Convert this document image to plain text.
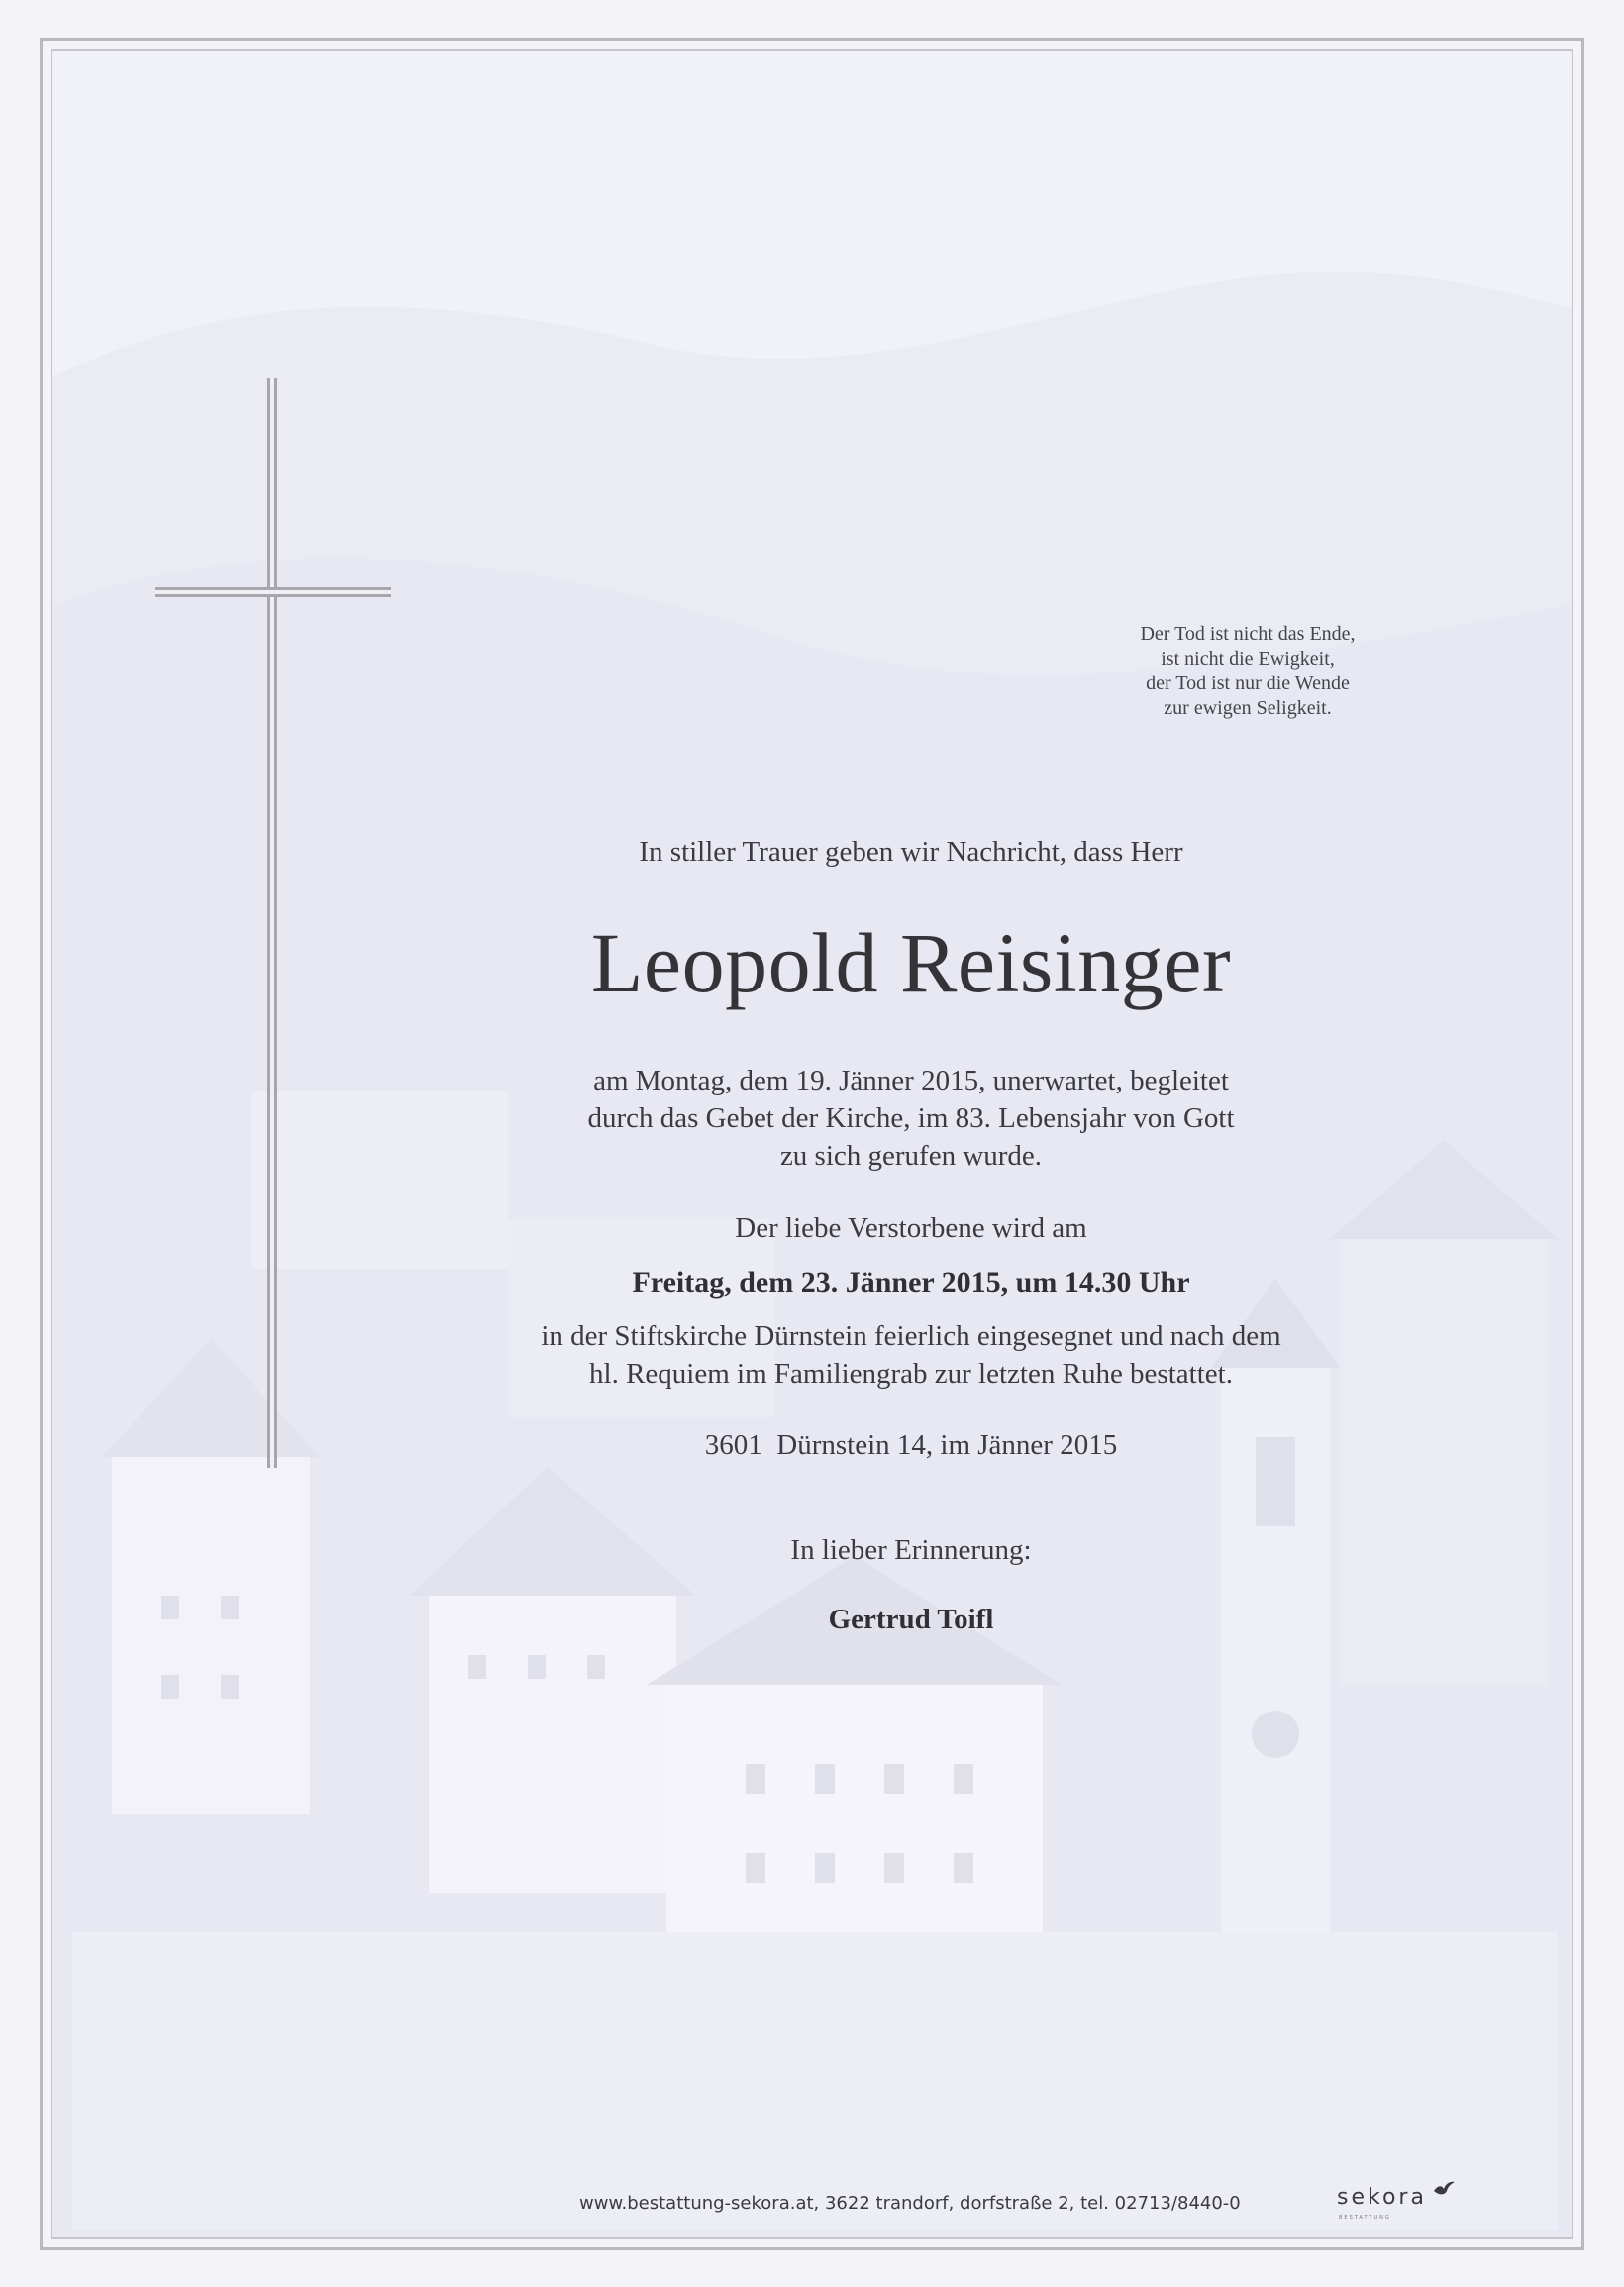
Der Tod ist nicht das Ende,
ist nicht die Ewigkeit,
der Tod ist nur die Wende
zur ewigen Seligkeit.
In stiller Trauer geben wir Nachricht, dass Herr
Leopold Reisinger
am Montag, dem 19. Jänner 2015, unerwartet, begleitet
durch das Gebet der Kirche, im 83. Lebensjahr von Gott
zu sich gerufen wurde.
Der liebe Verstorbene wird am
Freitag, dem 23. Jänner 2015, um 14.30 Uhr
in der Stiftskirche Dürnstein feierlich eingesegnet und nach dem
hl. Requiem im Familiengrab zur letzten Ruhe bestattet.
3601  Dürnstein 14, im Jänner 2015
In lieber Erinnerung:
Gertrud Toifl
www.bestattung-sekora.at, 3622 trandorf, dorfstraße 2, tel. 02713/8440-0	sekora
BESTATTUNG
